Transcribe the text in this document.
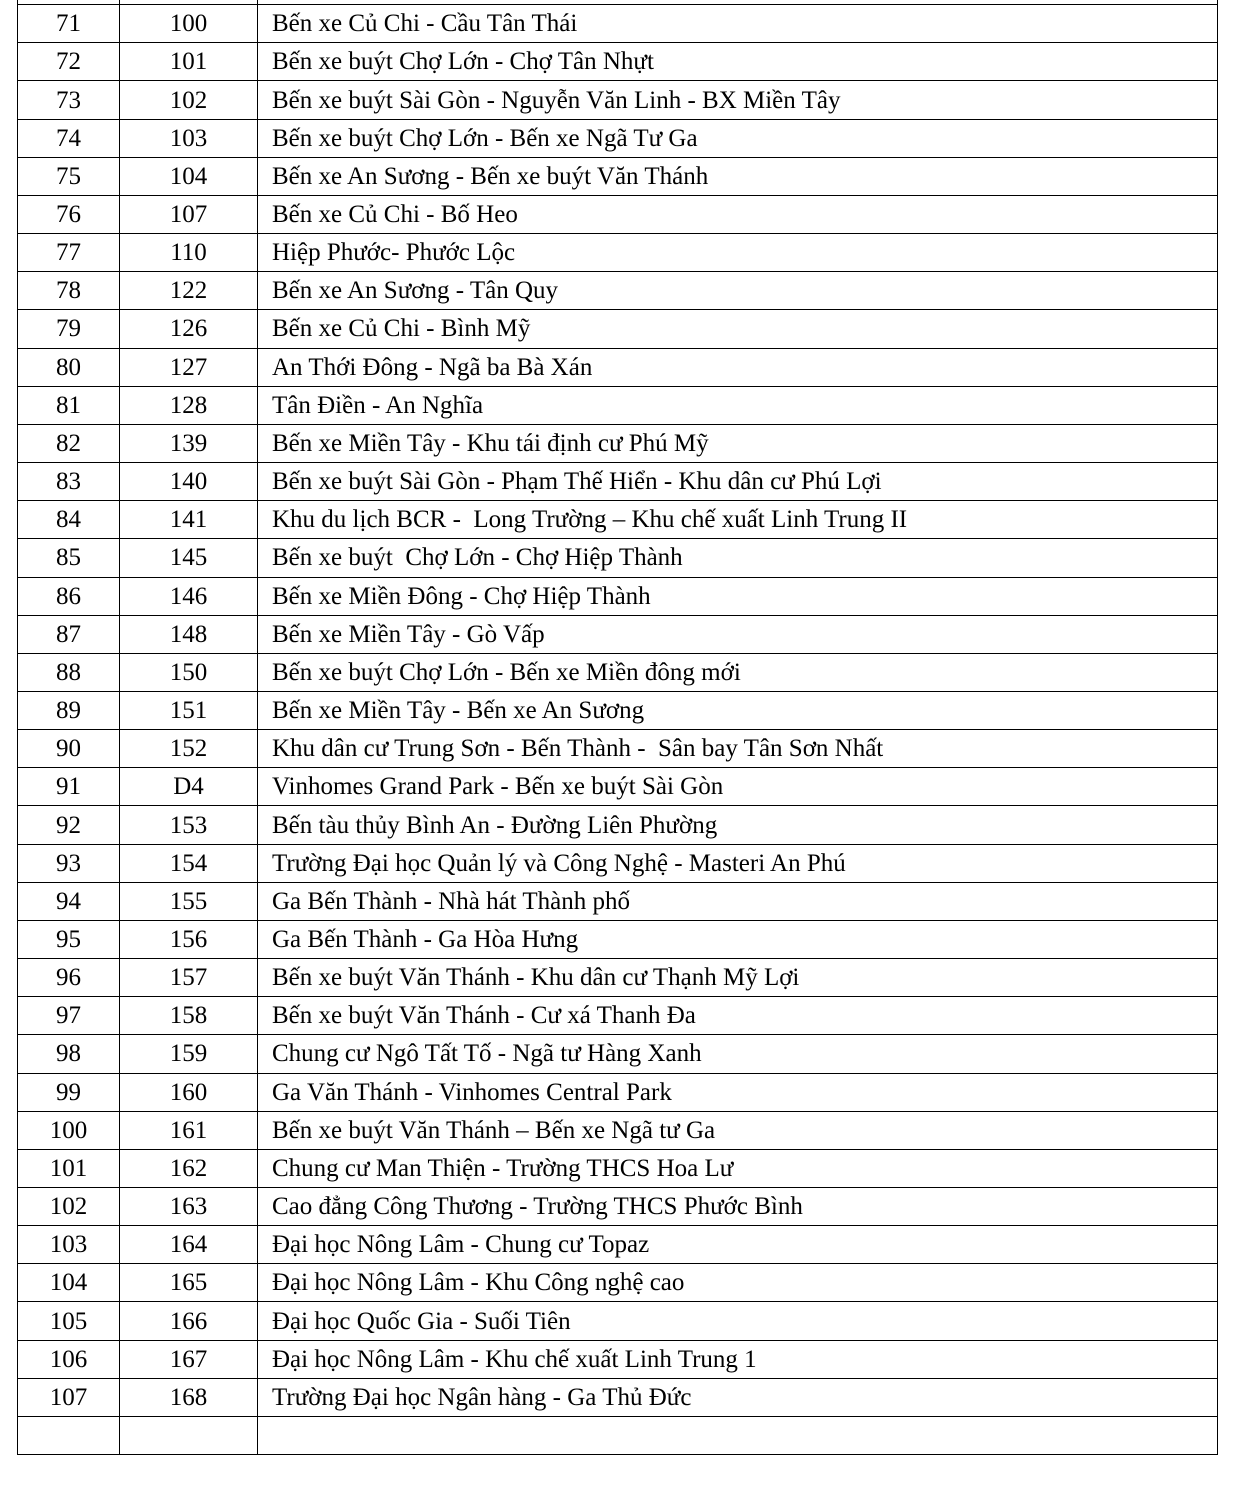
71	100	Bến xe Củ Chi - Cầu Tân Thái
72	101	Bến xe buýt Chợ Lớn - Chợ Tân Nhựt
73	102	Bến xe buýt Sài Gòn - Nguyễn Văn Linh - BX Miền Tây
74	103	Bến xe buýt Chợ Lớn - Bến xe Ngã Tư Ga
75	104	Bến xe An Sương - Bến xe buýt Văn Thánh
76	107	Bến xe Củ Chi - Bố Heo
77	110	Hiệp Phước- Phước Lộc
78	122	Bến xe An Sương - Tân Quy
79	126	Bến xe Củ Chi - Bình Mỹ
80	127	An Thới Đông - Ngã ba Bà Xán
81	128	Tân Điền - An Nghĩa
82	139	Bến xe Miền Tây - Khu tái định cư Phú Mỹ
83	140	Bến xe buýt Sài Gòn - Phạm Thế Hiển - Khu dân cư Phú Lợi
84	141	Khu du lịch BCR -  Long Trường – Khu chế xuất Linh Trung II
85	145	Bến xe buýt  Chợ Lớn - Chợ Hiệp Thành
86	146	Bến xe Miền Đông - Chợ Hiệp Thành
87	148	Bến xe Miền Tây - Gò Vấp
88	150	Bến xe buýt Chợ Lớn - Bến xe Miền đông mới
89	151	Bến xe Miền Tây - Bến xe An Sương
90	152	Khu dân cư Trung Sơn - Bến Thành -  Sân bay Tân Sơn Nhất
91	D4	Vinhomes Grand Park - Bến xe buýt Sài Gòn
92	153	Bến tàu thủy Bình An - Đường Liên Phường
93	154	Trường Đại học Quản lý và Công Nghệ - Masteri An Phú
94	155	Ga Bến Thành - Nhà hát Thành phố
95	156	Ga Bến Thành - Ga Hòa Hưng
96	157	Bến xe buýt Văn Thánh - Khu dân cư Thạnh Mỹ Lợi
97	158	Bến xe buýt Văn Thánh - Cư xá Thanh Đa
98	159	Chung cư Ngô Tất Tố - Ngã tư Hàng Xanh
99	160	Ga Văn Thánh - Vinhomes Central Park
100	161	Bến xe buýt Văn Thánh – Bến xe Ngã tư Ga
101	162	Chung cư Man Thiện - Trường THCS Hoa Lư
102	163	Cao đẳng Công Thương - Trường THCS Phước Bình
103	164	Đại học Nông Lâm - Chung cư Topaz
104	165	Đại học Nông Lâm - Khu Công nghệ cao
105	166	Đại học Quốc Gia - Suối Tiên
106	167	Đại học Nông Lâm - Khu chế xuất Linh Trung 1
107	168	Trường Đại học Ngân hàng - Ga Thủ Đức
